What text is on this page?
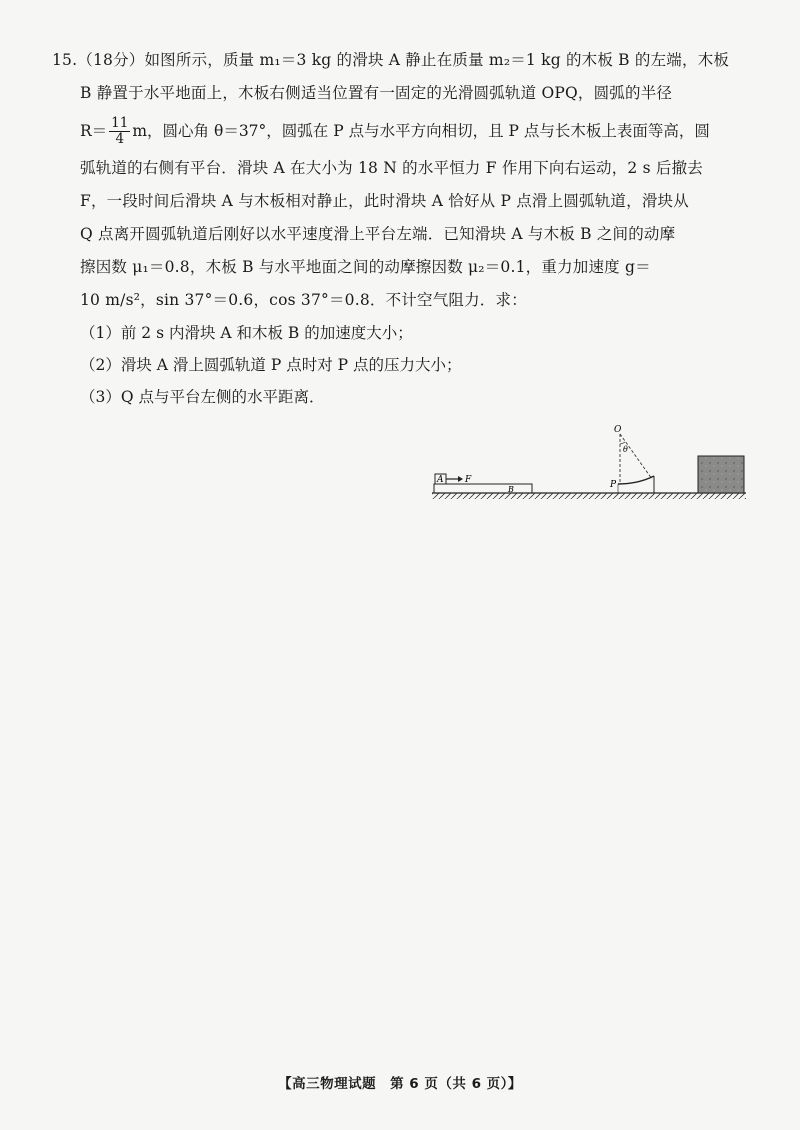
15.（18分）如图所示，质量 m₁＝3 kg 的滑块 A 静止在质量 m₂＝1 kg 的木板 B 的左端，木板
B 静置于水平地面上，木板右侧适当位置有一固定的光滑圆弧轨道 OPQ，圆弧的半径
$R= \frac{11}{4}$ m，圆心角 θ＝37°，圆弧在 P 点与水平方向相切，且 P 点与长木板上表面等高，圆
弧轨道的右侧有平台．滑块 A 在大小为 18 N 的水平恒力 F 作用下向右运动，2 s 后撤去
F，一段时间后滑块 A 与木板相对静止，此时滑块 A 恰好从 P 点滑上圆弧轨道，滑块从
Q 点离开圆弧轨道后刚好以水平速度滑上平台左端．已知滑块 A 与木板 B 之间的动摩
擦因数 μ₁＝0.8，木板 B 与水平地面之间的动摩擦因数 μ₂＝0.1，重力加速度 g＝
10 m/s²，sin 37°＝0.6，cos 37°＝0.8．不计空气阻力．求：
（1）前 2 s 内滑块 A 和木板 B 的加速度大小；
（2）滑块 A 滑上圆弧轨道 P 点时对 P 点的压力大小；
（3）Q 点与平台左侧的水平距离．
B
A F
O
θ
P
【高三物理试题　第 6 页（共 6 页）】
